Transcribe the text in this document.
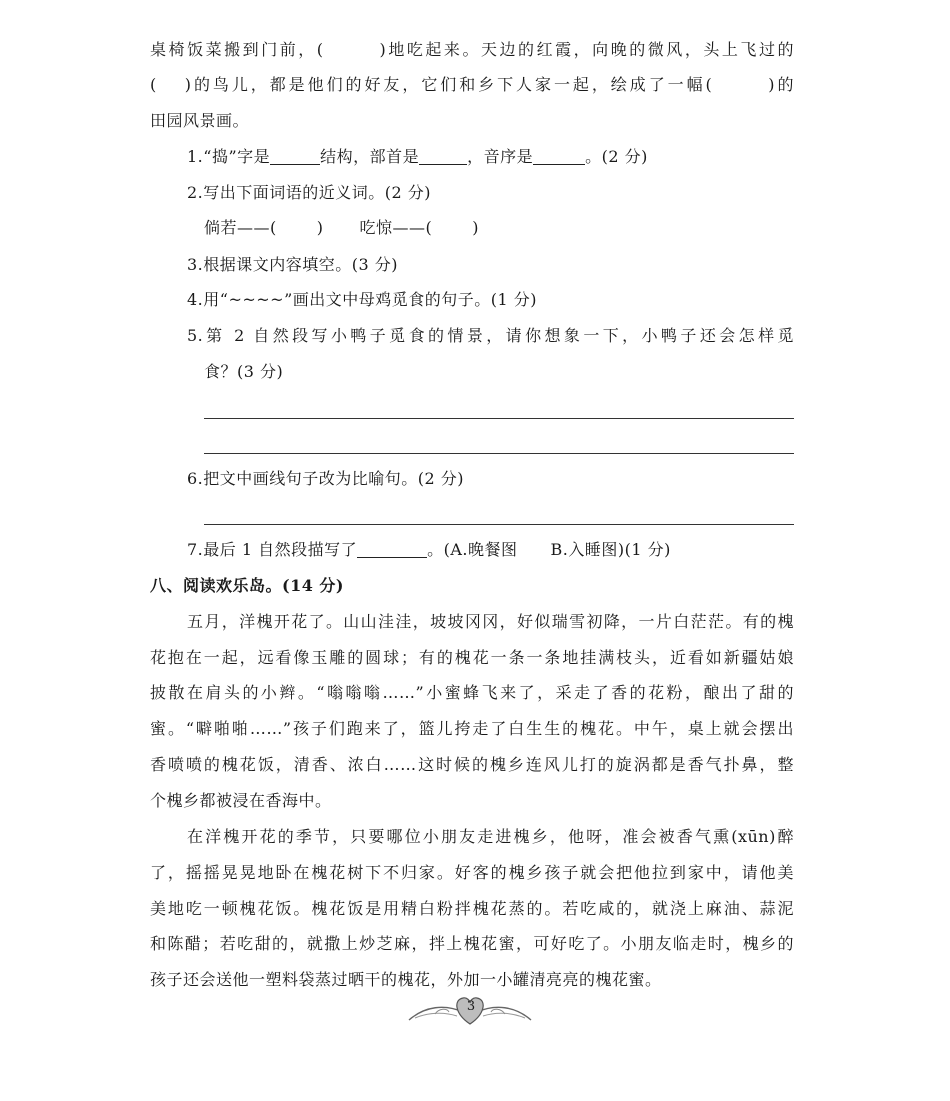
桌椅饭菜搬到门前，(	)地吃起来。天边的红霞，向晚的微风，头上飞过的
( )的鸟儿，都是他们的好友，它们和乡下人家一起，绘成了一幅(	)的
田园风景画。
1.“捣”字是	结构，部首是	，音序是	。(2 分)
2.写出下面词语的近义词。(2 分)
倘若——(	) 吃惊——(	)
3.根据课文内容填空。(3 分)
4.用“~~~~”画出文中母鸡觅食的句子。(1 分)
5.第 2 自然段写小鸭子觅食的情景，请你想象一下，小鸭子还会怎样觅
食？(3 分)
6.把文中画线句子改为比喻句。(2 分)
7.最后 1 自然段描写了	。(A.晚餐图　　B.入睡图)(1 分)
八、阅读欢乐岛。(14 分)
五月，洋槐开花了。山山洼洼，坡坡冈冈，好似瑞雪初降，一片白茫茫。有的槐
花抱在一起，远看像玉雕的圆球；有的槐花一条一条地挂满枝头，近看如新疆姑娘
披散在肩头的小辫。“嗡嗡嗡……”小蜜蜂飞来了，采走了香的花粉，酿出了甜的
蜜。“噼啪啪……”孩子们跑来了，篮儿挎走了白生生的槐花。中午，桌上就会摆出
香喷喷的槐花饭，清香、浓白……这时候的槐乡连风儿打的旋涡都是香气扑鼻，整
个槐乡都被浸在香海中。
在洋槐开花的季节，只要哪位小朋友走进槐乡，他呀，准会被香气熏(xūn)醉
了，摇摇晃晃地卧在槐花树下不归家。好客的槐乡孩子就会把他拉到家中，请他美
美地吃一顿槐花饭。槐花饭是用精白粉拌槐花蒸的。若吃咸的，就浇上麻油、蒜泥
和陈醋；若吃甜的，就撒上炒芝麻，拌上槐花蜜，可好吃了。小朋友临走时，槐乡的
孩子还会送他一塑料袋蒸过晒干的槐花，外加一小罐清亮亮的槐花蜜。
3
